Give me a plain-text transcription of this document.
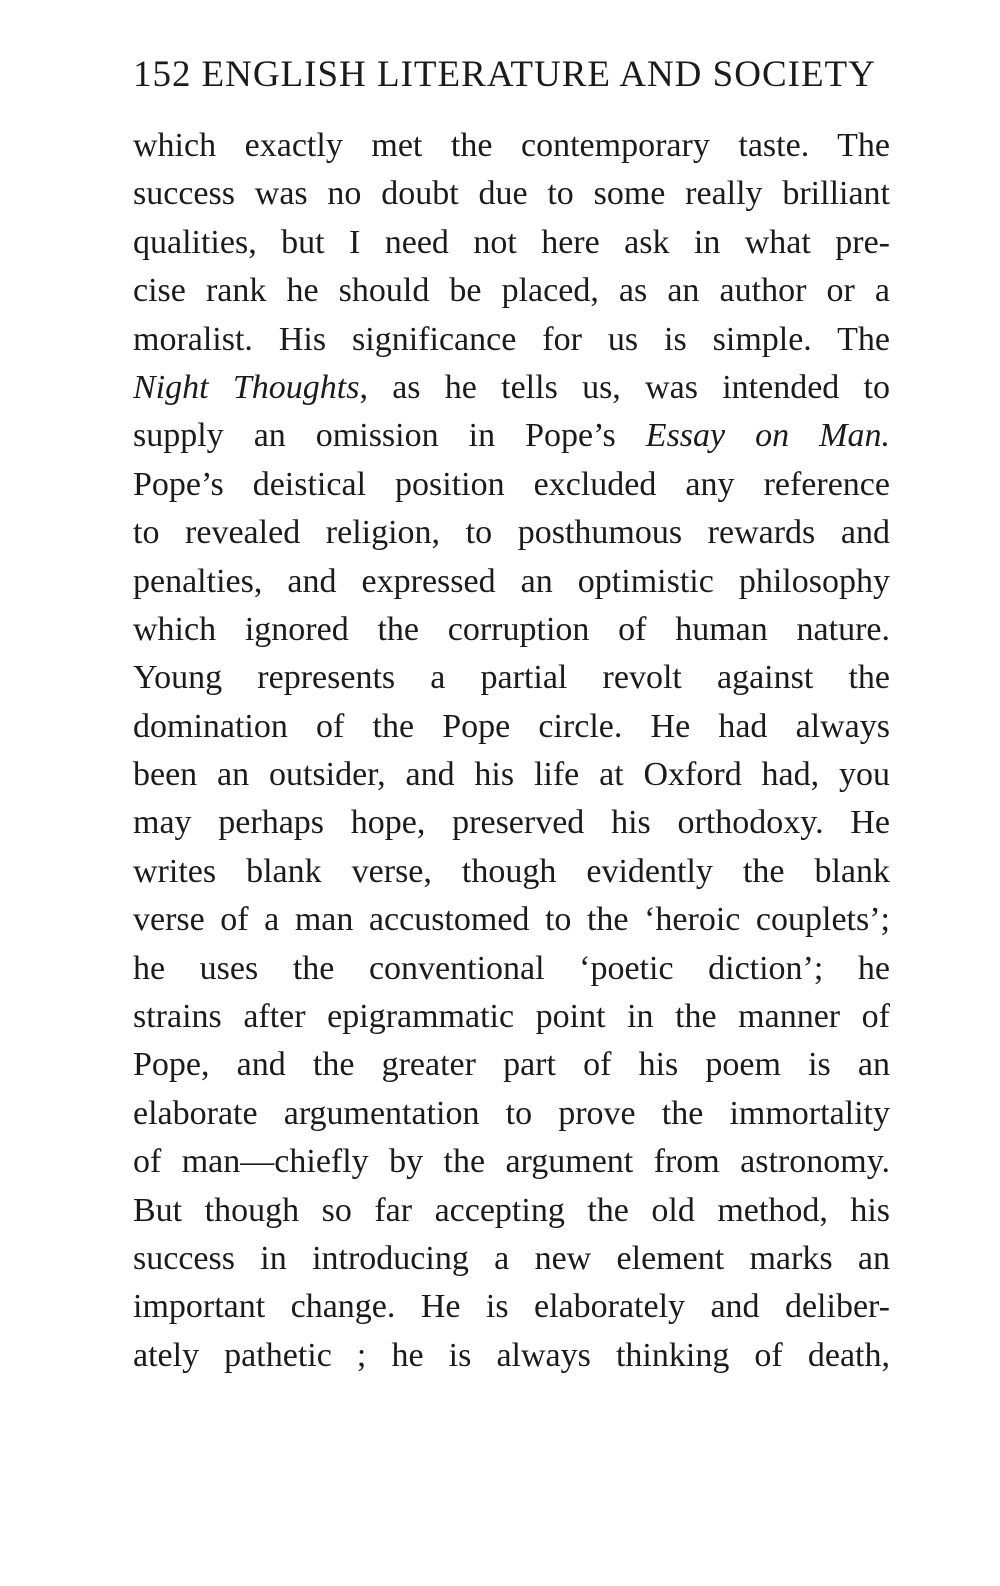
152 ENGLISH LITERATURE AND SOCIETY
which exactly met the contemporary taste. The
success was no doubt due to some really brilliant
qualities, but I need not here ask in what pre-
cise rank he should be placed, as an author or a
moralist. His significance for us is simple. The
Night Thoughts, as he tells us, was intended to
supply an omission in Pope’s Essay on Man.
Pope’s deistical position excluded any reference
to revealed religion, to posthumous rewards and
penalties, and expressed an optimistic philosophy
which ignored the corruption of human nature.
Young represents a partial revolt against the
domination of the Pope circle. He had always
been an outsider, and his life at Oxford had, you
may perhaps hope, preserved his orthodoxy. He
writes blank verse, though evidently the blank
verse of a man accustomed to the ‘heroic couplets’;
he uses the conventional ‘poetic diction’; he
strains after epigrammatic point in the manner of
Pope, and the greater part of his poem is an
elaborate argumentation to prove the immortality
of man—chiefly by the argument from astronomy.
But though so far accepting the old method, his
success in introducing a new element marks an
important change. He is elaborately and deliber-
ately pathetic ; he is always thinking of death,
